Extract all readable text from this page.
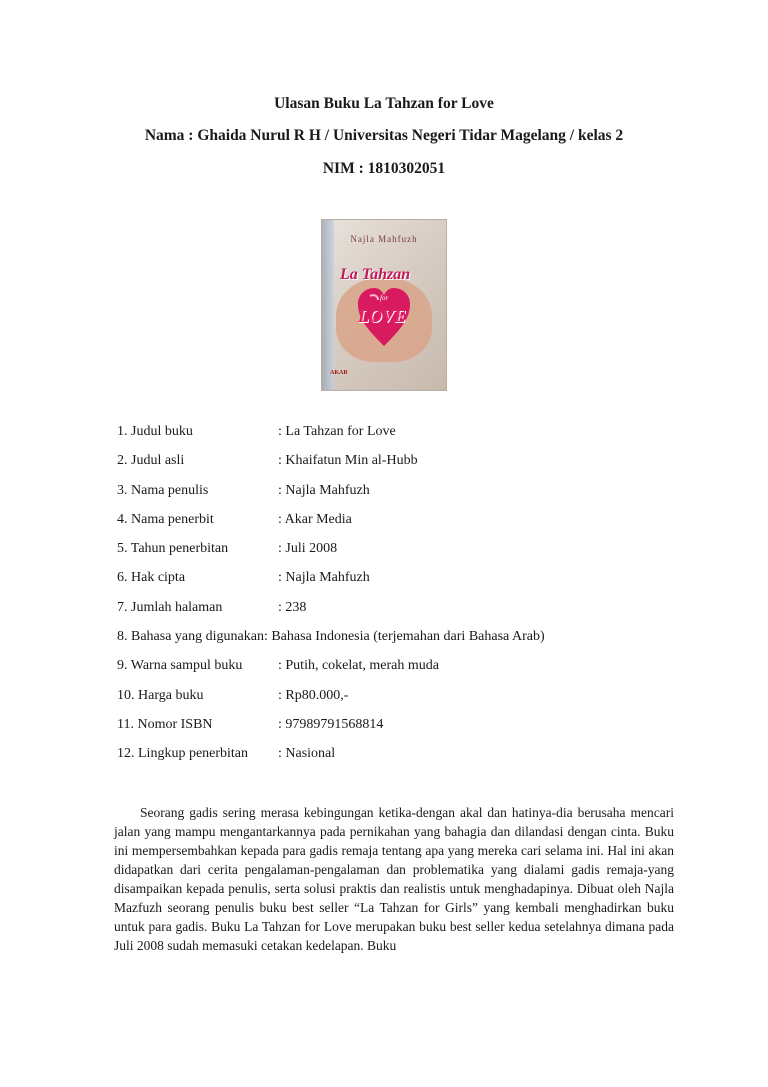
Ulasan Buku La Tahzan for Love
Nama : Ghaida Nurul R H / Universitas Negeri Tidar Magelang / kelas 2
NIM : 1810302051
Najla Mahfuzh
La Tahzan
for
LOVE
AKAR
1. Judul buku	: La Tahzan for Love
2. Judul asli	: Khaifatun Min al-Hubb
3. Nama penulis	: Najla Mahfuzh
4. Nama penerbit	: Akar Media
5. Tahun penerbitan	: Juli 2008
6. Hak cipta	: Najla Mahfuzh
7. Jumlah halaman	: 238
8. Bahasa yang digunakan: Bahasa Indonesia (terjemahan dari Bahasa Arab)
9. Warna sampul buku	: Putih, cokelat, merah muda
10. Harga buku	: Rp80.000,-
11. Nomor ISBN	: 97989791568814
12. Lingkup penerbitan : Nasional
Seorang gadis sering merasa kebingungan ketika-dengan akal dan hatinya-dia berusaha mencari jalan yang mampu mengantarkannya pada pernikahan yang bahagia dan dilandasi dengan cinta. Buku ini mempersembahkan kepada para gadis remaja tentang apa yang mereka cari selama ini. Hal ini akan didapatkan dari cerita pengalaman-pengalaman dan problematika yang dialami gadis remaja-yang disampaikan kepada penulis, serta solusi praktis dan realistis untuk menghadapinya. Dibuat oleh Najla Mazfuzh seorang penulis buku best seller “La Tahzan for Girls” yang kembali menghadirkan buku untuk para gadis. Buku La Tahzan for Love merupakan buku best seller kedua setelahnya dimana pada Juli 2008 sudah memasuki cetakan kedelapan. Buku
